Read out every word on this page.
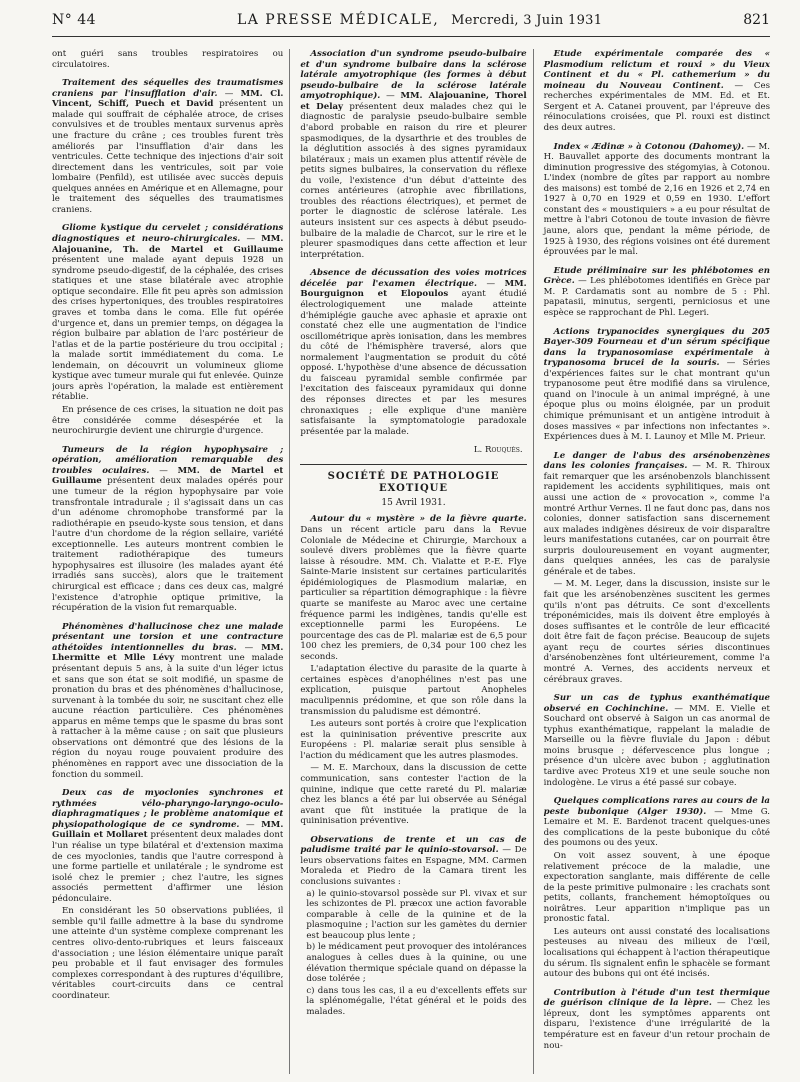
N° 44	LA PRESSE MÉDICALE, Mercredi, 3 Juin 1931	821

ont guéri sans troubles respiratoires ou circulatoires.

Traitement des séquelles des traumatismes craniens par l'insufflation d'air. — MM. Cl. Vincent, Schiff, Puech et David présentent un malade qui souffrait de céphalée atroce, de crises convulsives et de troubles mentaux survenus après une fracture du crâne ; ces troubles furent très améliorés par l'insufflation d'air dans les ventricules. Cette technique des injections d'air soit directement dans les ventricules, soit par voie lombaire (Penfild), est utilisée avec succès depuis quelques années en Amérique et en Allemagne, pour le traitement des séquelles des traumatismes craniens.

Gliome kystique du cervelet ; considérations diagnostiques et neuro-chirurgicales. — MM. Alajouanine, Th. de Martel et Guillaume présentent une malade ayant depuis 1928 un syndrome pseudo-digestif, de la céphalée, des crises statiques et une stase bilatérale avec atrophie optique secondaire. Elle fit peu après son admission des crises hypertoniques, des troubles respiratoires graves et tomba dans le coma. Elle fut opérée d'urgence et, dans un premier temps, on dégagea la région bulbaire par ablation de l'arc postérieur de l'atlas et de la partie postérieure du trou occipital ; la malade sortit immédiatement du coma. Le lendemain, on découvrit un volumineux gliome kystique avec tumeur murale qui fut enlevée. Quinze jours après l'opération, la malade est entièrement rétablie.

En présence de ces crises, la situation ne doit pas être considérée comme désespérée et la neurochirurgie devient une chirurgie d'urgence.

Tumeurs de la région hypophysaire ; opération, amélioration remarquable des troubles oculaires. — MM. de Martel et Guillaume présentent deux malades opérés pour une tumeur de la région hypophysaire par voie transfrontale intradurale ; il s'agissait dans un cas d'un adénome chromophobe transformé par la radiothérapie en pseudo-kyste sous tension, et dans l'autre d'un chordome de la région sellaire, variété exceptionnelle. Les auteurs montrent combien le traitement radiothérapique des tumeurs hypophysaires est illusoire (les malades ayant été irradiés sans succès), alors que le traitement chirurgical est efficace ; dans ces deux cas, malgré l'existence d'atrophie optique primitive, la récupération de la vision fut remarquable.

Phénomènes d'hallucinose chez une malade présentant une torsion et une contracture athétoïdes intentionnelles du bras. — MM. Lhermitte et Mlle Lévy montrent une malade présentant depuis 5 ans, à la suite d'un léger ictus et sans que son état se soit modifié, un spasme de pronation du bras et des phénomènes d'hallucinose, survenant à la tombée du soir, ne suscitant chez elle aucune réaction particulière. Ces phénomènes apparus en même temps que le spasme du bras sont à rattacher à la même cause ; on sait que plusieurs observations ont démontré que des lésions de la région du noyau rouge pouvaient produire des phénomènes en rapport avec une dissociation de la fonction du sommeil.

Deux cas de myoclonies synchrones et rythmées vélo-pharyngo-laryngo-oculo-diaphragmatiques ; le problème anatomique et physiopathologique de ce syndrome. — MM. Guillain et Mollaret présentent deux malades dont l'un réalise un type bilatéral et d'extension maxima de ces myoclonies, tandis que l'autre correspond à une forme partielle et unilatérale ; le syndrome est isolé chez le premier ; chez l'autre, les signes associés permettent d'affirmer une lésion pédonculaire.

En considérant les 50 observations publiées, il semble qu'il faille admettre à la base du syndrome une atteinte d'un système complexe comprenant les centres olivo-dento-rubriques et leurs faisceaux d'association ; une lésion élémentaire unique paraît peu probable et il faut envisager des formules complexes correspondant à des ruptures d'équilibre, véritables court-circuits dans ce central coordinateur.

Association d'un syndrome pseudo-bulbaire et d'un syndrome bulbaire dans la sclérose latérale amyotrophique (les formes à début pseudo-bulbaire de la sclérose latérale amyotrophique). — MM. Alajouanine, Thorel et Delay présentent deux malades chez qui le diagnostic de paralysie pseudo-bulbaire semble d'abord probable en raison du rire et pleurer spasmodiques, de la dysarthrie et des troubles de la déglutition associés à des signes pyramidaux bilatéraux ; mais un examen plus attentif révèle de petits signes bulbaires, la conservation du réflexe du voile, l'existence d'un début d'atteinte des cornes antérieures (atrophie avec fibrillations, troubles des réactions électriques), et permet de porter le diagnostic de sclérose latérale. Les auteurs insistent sur ces aspects à début pseudo-bulbaire de la maladie de Charcot, sur le rire et le pleurer spasmodiques dans cette affection et leur interprétation.

Absence de décussation des voies motrices décelée par l'examen électrique. — MM. Bourguignon et Elopoulos ayant étudié électrologiquement une malade atteinte d'hémiplégie gauche avec aphasie et apraxie ont constaté chez elle une augmentation de l'indice oscillométrique après ionisation, dans les membres du côté de l'hémisphère traversé, alors que normalement l'augmentation se produit du côté opposé. L'hypothèse d'une absence de décussation du faisceau pyramidal semble confirmée par l'excitation des faisceaux pyramidaux qui donne des réponses directes et par les mesures chronaxiques ; elle explique d'une manière satisfaisante la symptomatologie paradoxale présentée par la malade.

L. Rouquès.

SOCIÉTÉ DE PATHOLOGIE EXOTIQUE
15 Avril 1931.

Autour du « mystère » de la fièvre quarte. Dans un récent article paru dans la Revue Coloniale de Médecine et Chirurgie, Marchoux a soulevé divers problèmes que la fièvre quarte laisse à résoudre. MM. Ch. Vialatte et P.-E. Flye Sainte-Marie insistent sur certaines particularités épidémiologiques de Plasmodium malariæ, en particulier sa répartition démographique : la fièvre quarte se manifeste au Maroc avec une certaine fréquence parmi les indigènes, tandis qu'elle est exceptionnelle parmi les Européens. Le pourcentage des cas de Pl. malariæ est de 6,5 pour 100 chez les premiers, de 0,34 pour 100 chez les seconds.

L'adaptation élective du parasite de la quarte à certaines espèces d'anophélines n'est pas une explication, puisque partout Anopheles maculipennis prédomine, et que son rôle dans la transmission du paludisme est démontré.

Les auteurs sont portés à croire que l'explication est la quininisation préventive prescrite aux Européens : Pl. malariæ serait plus sensible à l'action du médicament que les autres plasmodes.

— M. E. Marchoux, dans la discussion de cette communication, sans contester l'action de la quinine, indique que cette rareté du Pl. malariæ chez les blancs a été par lui observée au Sénégal avant que fût instituée la pratique de la quininisation préventive.

Observations de trente et un cas de paludisme traité par le quinio-stovarsol. — De leurs observations faites en Espagne, MM. Carmen Moraleda et Piedro de la Camara tirent les conclusions suivantes :

a) le quinio-stovarsol possède sur Pl. vivax et sur les schizontes de Pl. præcox une action favorable comparable à celle de la quinine et de la plasmoquine ; l'action sur les gamètes du dernier est beaucoup plus lente ;

b) le médicament peut provoquer des intolérances analogues à celles dues à la quinine, ou une élévation thermique spéciale quand on dépasse la dose tolérée ;

c) dans tous les cas, il a eu d'excellents effets sur la splénomégalie, l'état général et le poids des malades.

Etude expérimentale comparée des « Plasmodium relictum et rouxi » du Vieux Continent et du « Pl. cathemerium » du moineau du Nouveau Continent. — Ces recherches expérimentales de MM. Ed. et Et. Sergent et A. Catanei prouvent, par l'épreuve des réinoculations croisées, que Pl. rouxi est distinct des deux autres.

Index « Ædinæ » à Cotonou (Dahomey). — M. H. Bauvallet apporte des documents montrant la diminution progressive des stégomyias, à Cotonou. L'index (nombre de gîtes par rapport au nombre des maisons) est tombé de 2,16 en 1926 et 2,74 en 1927 à 0,70 en 1929 et 0,59 en 1930. L'effort constant des « moustiquiers » a eu pour résultat de mettre à l'abri Cotonou de toute invasion de fièvre jaune, alors que, pendant la même période, de 1925 à 1930, des régions voisines ont été durement éprouvées par le mal.

Etude préliminaire sur les phlébotomes en Grèce. — Les phlébotomes identifiés en Grèce par M. P. Cardamatis sont au nombre de 5 : Phl. papatasii, minutus, sergenti, perniciosus et une espèce se rapprochant de Phl. Legeri.

Actions trypanocides synergiques du 205 Bayer-309 Fourneau et d'un sérum spécifique dans la trypanosomiase expérimentale à trypanosoma brucei de la souris. — Séries d'expériences faites sur le chat montrant qu'un trypanosome peut être modifié dans sa virulence, quand on l'inocule à un animal imprégné, à une époque plus ou moins éloignée, par un produit chimique prémunisant et un antigène introduit à doses massives « par infections non infectantes ». Expériences dues à M. I. Launoy et Mlle M. Prieur.

Le danger de l'abus des arsénobenzènes dans les colonies françaises. — M. R. Thiroux fait remarquer que les arsénobenzols blanchissent rapidement les accidents syphilitiques, mais ont aussi une action de « provocation », comme l'a montré Arthur Vernes. Il ne faut donc pas, dans nos colonies, donner satisfaction sans discernement aux malades indigènes désireux de voir disparaître leurs manifestations cutanées, car on pourrait être surpris douloureusement en voyant augmenter, dans quelques années, les cas de paralysie générale et de tabes.

— M. M. Leger, dans la discussion, insiste sur le fait que les arsénobenzènes suscitent les germes qu'ils n'ont pas détruits. Ce sont d'excellents tréponémicides, mais ils doivent être employés à doses suffisantes et le contrôle de leur efficacité doit être fait de façon précise. Beaucoup de sujets ayant reçu de courtes séries discontinues d'arsénobenzènes font ultérieurement, comme l'a montré A. Vernes, des accidents nerveux et cérébraux graves.

Sur un cas de typhus exanthématique observé en Cochinchine. — MM. E. Vielle et Souchard ont observé à Saigon un cas anormal de typhus exanthématique, rappelant la maladie de Marseille ou la fièvre fluviale du Japon : début moins brusque ; défervescence plus longue ; présence d'un ulcère avec bubon ; agglutination tardive avec Proteus X19 et une seule souche non indologène. Le virus a été passé sur cobaye.

Quelques complications rares au cours de la peste bubonique (Alger 1930). — Mme G. Lemaire et M. E. Bardenot tracent quelques-unes des complications de la peste bubonique du côté des poumons ou des yeux.

On voit assez souvent, à une époque relativement précoce de la maladie, une expectoration sanglante, mais différente de celle de la peste primitive pulmonaire : les crachats sont petits, collants, franchement hémoptoïques ou noirâtres. Leur apparition n'implique pas un pronostic fatal.

Les auteurs ont aussi constaté des localisations pesteuses au niveau des milieux de l'œil, localisations qui échappent à l'action thérapeutique du sérum. Ils signalent enfin le sphacèle se formant autour des bubons qui ont été incisés.

Contribution à l'étude d'un test thermique de guérison clinique de la lèpre. — Chez les lépreux, dont les symptômes apparents ont disparu, l'existence d'une irrégularité de la température est en faveur d'un retour prochain de nou-
